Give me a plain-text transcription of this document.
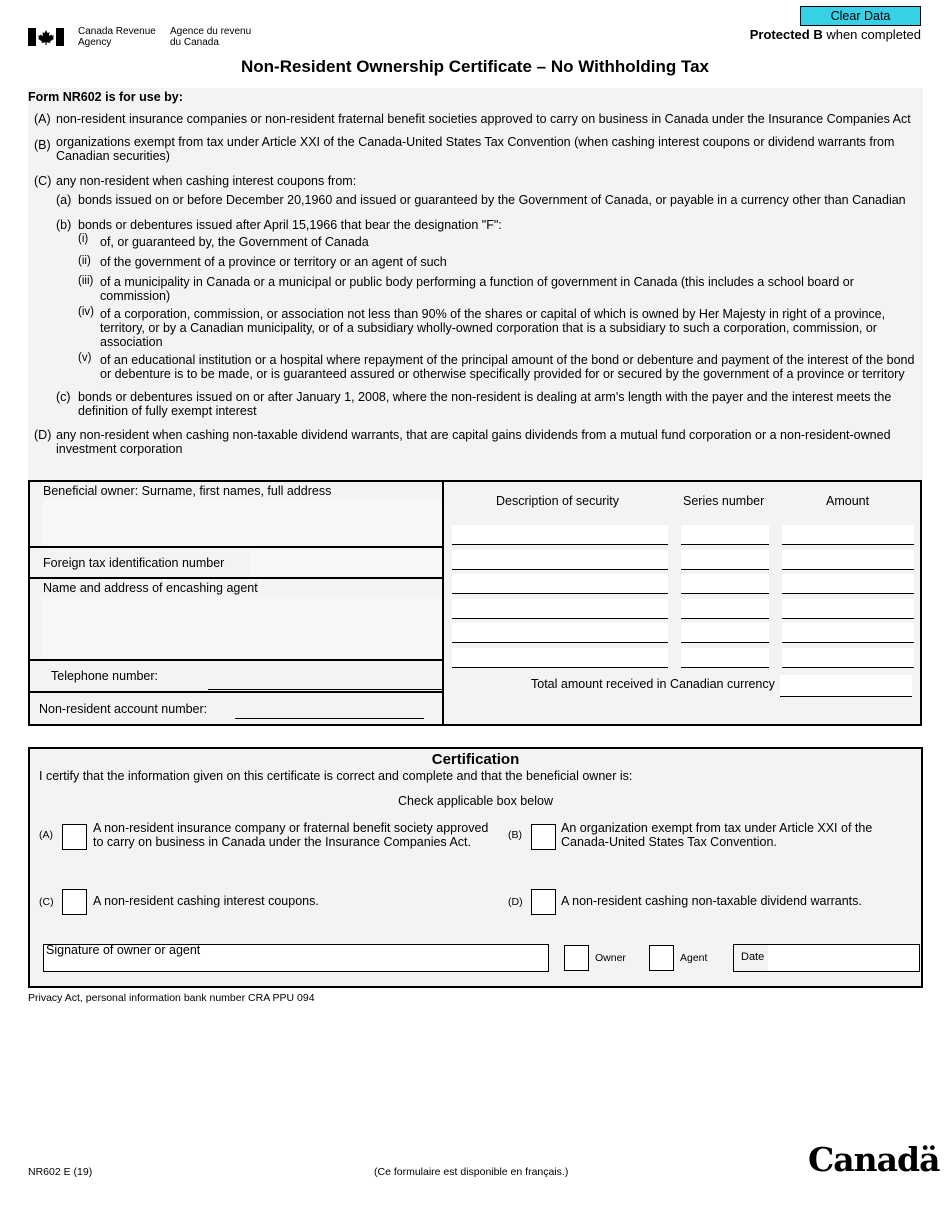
Canada Revenue
Agency
Agence du revenu
du Canada
Clear Data
Protected B when completed
Non-Resident Ownership Certificate – No Withholding Tax
Form NR602 is for use by:
(A) non-resident insurance companies or non-resident fraternal benefit societies approved to carry on business in Canada under the Insurance Companies Act
(B) organizations exempt from tax under Article XXI of the Canada-United States Tax Convention (when cashing interest coupons or dividend warrants from Canadian securities)
(C) any non-resident when cashing interest coupons from:
(a) bonds issued on or before December 20,1960 and issued or guaranteed by the Government of Canada, or payable in a currency other than Canadian
(b) bonds or debentures issued after April 15,1966 that bear the designation "F":
(i) of, or guaranteed by, the Government of Canada
(ii) of the government of a province or territory or an agent of such
(iii) of a municipality in Canada or a municipal or public body performing a function of government in Canada (this includes a school board or commission)
(iv) of a corporation, commission, or association not less than 90% of the shares or capital of which is owned by Her Majesty in right of a province, territory, or by a Canadian municipality, or of a subsidiary wholly-owned corporation that is a subsidiary to such a corporation, commission, or association
(v) of an educational institution or a hospital where repayment of the principal amount of the bond or debenture and payment of the interest of the bond or debenture is to be made, or is guaranteed assured or otherwise specifically provided for or secured by the government of a province or territory
(c) bonds or debentures issued on or after January 1, 2008, where the non-resident is dealing at arm's length with the payer and the interest meets the definition of fully exempt interest
(D) any non-resident when cashing non-taxable dividend warrants, that are capital gains dividends from a mutual fund corporation or a non-resident-owned investment corporation
Beneficial owner: Surname, first names, full address
Foreign tax identification number
Name and address of encashing agent
Telephone number:
Non-resident account number:
Description of security	Series number	Amount
Total amount received in Canadian currency
Certification
I certify that the information given on this certificate is correct and complete and that the beneficial owner is:
Check applicable box below
(A)	A non-resident insurance company or fraternal benefit society approved to carry on business in Canada under the Insurance Companies Act.	(B)	An organization exempt from tax under Article XXI of the Canada-United States Tax Convention.
(C)	A non-resident cashing interest coupons.	(D)	A non-resident cashing non-taxable dividend warrants.
Signature of owner or agent
Owner	Agent	Date
Privacy Act, personal information bank number CRA PPU 094
NR602 E (19)	(Ce formulaire est disponible en français.)	Canadä
